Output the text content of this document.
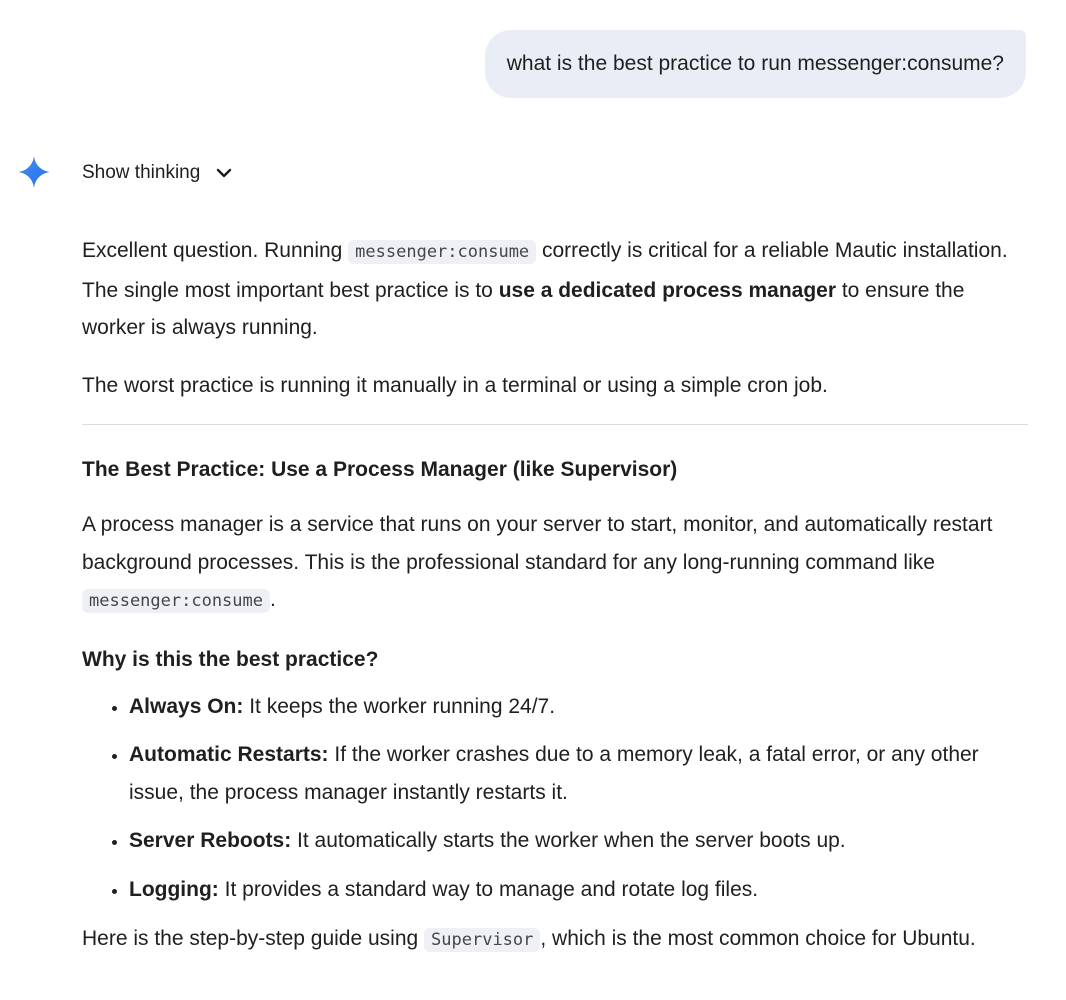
what is the best practice to run messenger:consume?
Show thinking

Excellent question. Running messenger:consume correctly is critical for a reliable Mautic installation. The single most important best practice is to use a dedicated process manager to ensure the worker is always running.

The worst practice is running it manually in a terminal or using a simple cron job.

The Best Practice: Use a Process Manager (like Supervisor)

A process manager is a service that runs on your server to start, monitor, and automatically restart background processes. This is the professional standard for any long-running command like messenger:consume .

Why is this the best practice?

• Always On: It keeps the worker running 24/7.
• Automatic Restarts: If the worker crashes due to a memory leak, a fatal error, or any other issue, the process manager instantly restarts it.
• Server Reboots: It automatically starts the worker when the server boots up.
• Logging: It provides a standard way to manage and rotate log files.

Here is the step-by-step guide using Supervisor , which is the most common choice for Ubuntu.
